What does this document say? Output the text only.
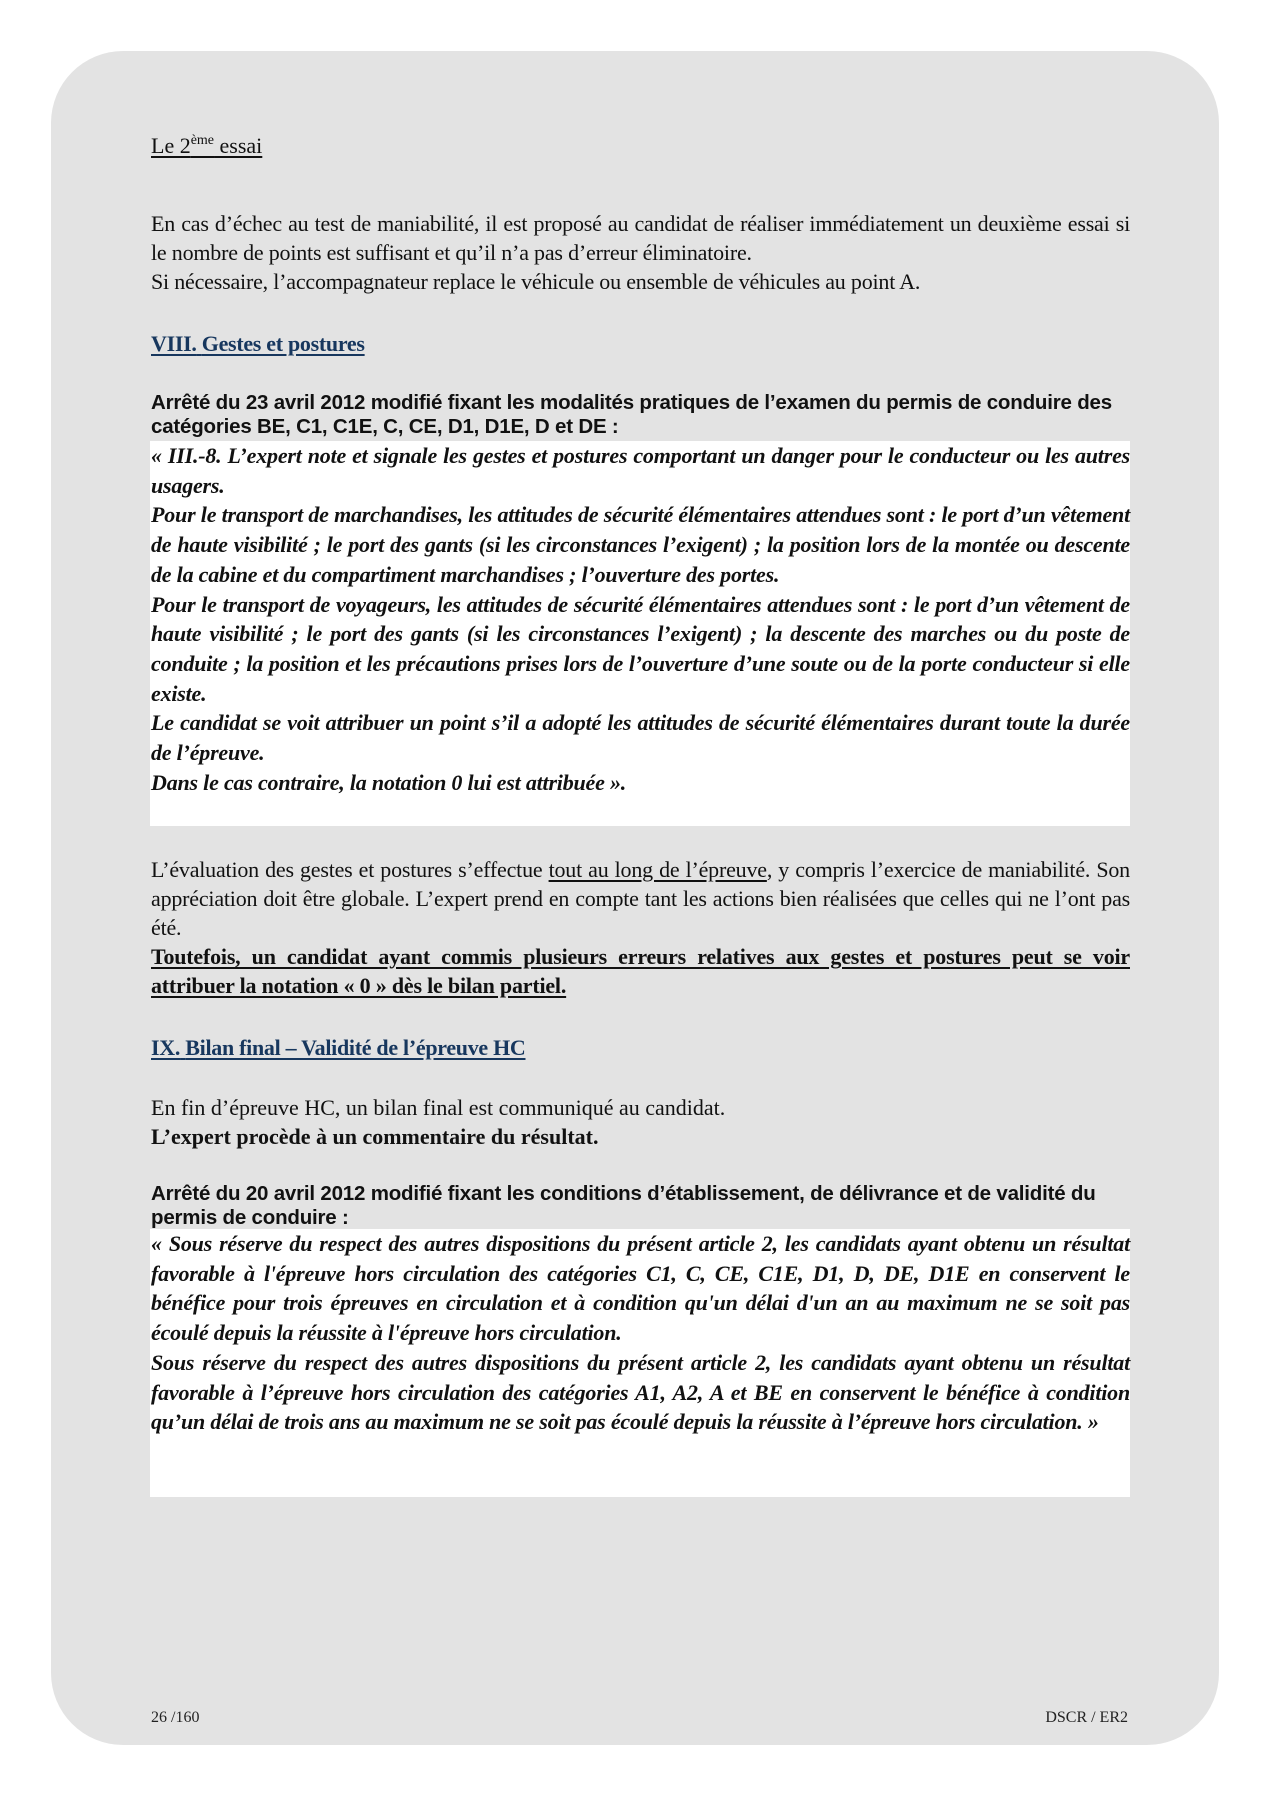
Le 2ème essai

En cas d’échec au test de maniabilité, il est proposé au candidat de réaliser immédiatement un deuxième essai si le nombre de points est suffisant et qu’il n’a pas d’erreur éliminatoire.

Si nécessaire, l’accompagnateur replace le véhicule ou ensemble de véhicules au point A.

VIII. Gestes et postures
Arrêté du 23 avril 2012 modifié fixant les modalités pratiques de l’examen du permis de conduire des catégories BE, C1, C1E, C, CE, D1, D1E, D et DE :

« III.-8. L’expert note et signale les gestes et postures comportant un danger pour le conducteur ou les autres usagers.

Pour le transport de marchandises, les attitudes de sécurité élémentaires attendues sont : le port d’un vêtement de haute visibilité ; le port des gants (si les circonstances l’exigent) ; la position lors de la montée ou descente de la cabine et du compartiment marchandises ; l’ouverture des portes.

Pour le transport de voyageurs, les attitudes de sécurité élémentaires attendues sont : le port d’un vêtement de haute visibilité ; le port des gants (si les circonstances l’exigent) ; la descente des marches ou du poste de conduite ; la position et les précautions prises lors de l’ouverture d’une soute ou de la porte conducteur si elle existe.

Le candidat se voit attribuer un point s’il a adopté les attitudes de sécurité élémentaires durant toute la durée de l’épreuve.

Dans le cas contraire, la notation 0 lui est attribuée ».

L’évaluation des gestes et postures s’effectue tout au long de l’épreuve, y compris l’exercice de maniabilité. Son appréciation doit être globale. L’expert prend en compte tant les actions bien réalisées que celles qui ne l’ont pas été.

Toutefois, un candidat ayant commis plusieurs erreurs relatives aux gestes et postures peut se voir attribuer la notation « 0 » dès le bilan partiel.

IX. Bilan final – Validité de l’épreuve HC
En fin d’épreuve HC, un bilan final est communiqué au candidat.
L’expert procède à un commentaire du résultat.
Arrêté du 20 avril 2012 modifié fixant les conditions d’établissement, de délivrance et de validité du permis de conduire :

« Sous réserve du respect des autres dispositions du présent article 2, les candidats ayant obtenu un résultat favorable à l'épreuve hors circulation des catégories C1, C, CE, C1E, D1, D, DE, D1E en conservent le bénéfice pour trois épreuves en circulation et à condition qu'un délai d'un an au maximum ne se soit pas écoulé depuis la réussite à l'épreuve hors circulation.

Sous réserve du respect des autres dispositions du présent article 2, les candidats ayant obtenu un résultat favorable à l’épreuve hors circulation des catégories A1, A2, A et BE en conservent le bénéfice à condition qu’un délai de trois ans au maximum ne se soit pas écoulé depuis la réussite à l’épreuve hors circulation. »

26 /160	DSCR / ER2
